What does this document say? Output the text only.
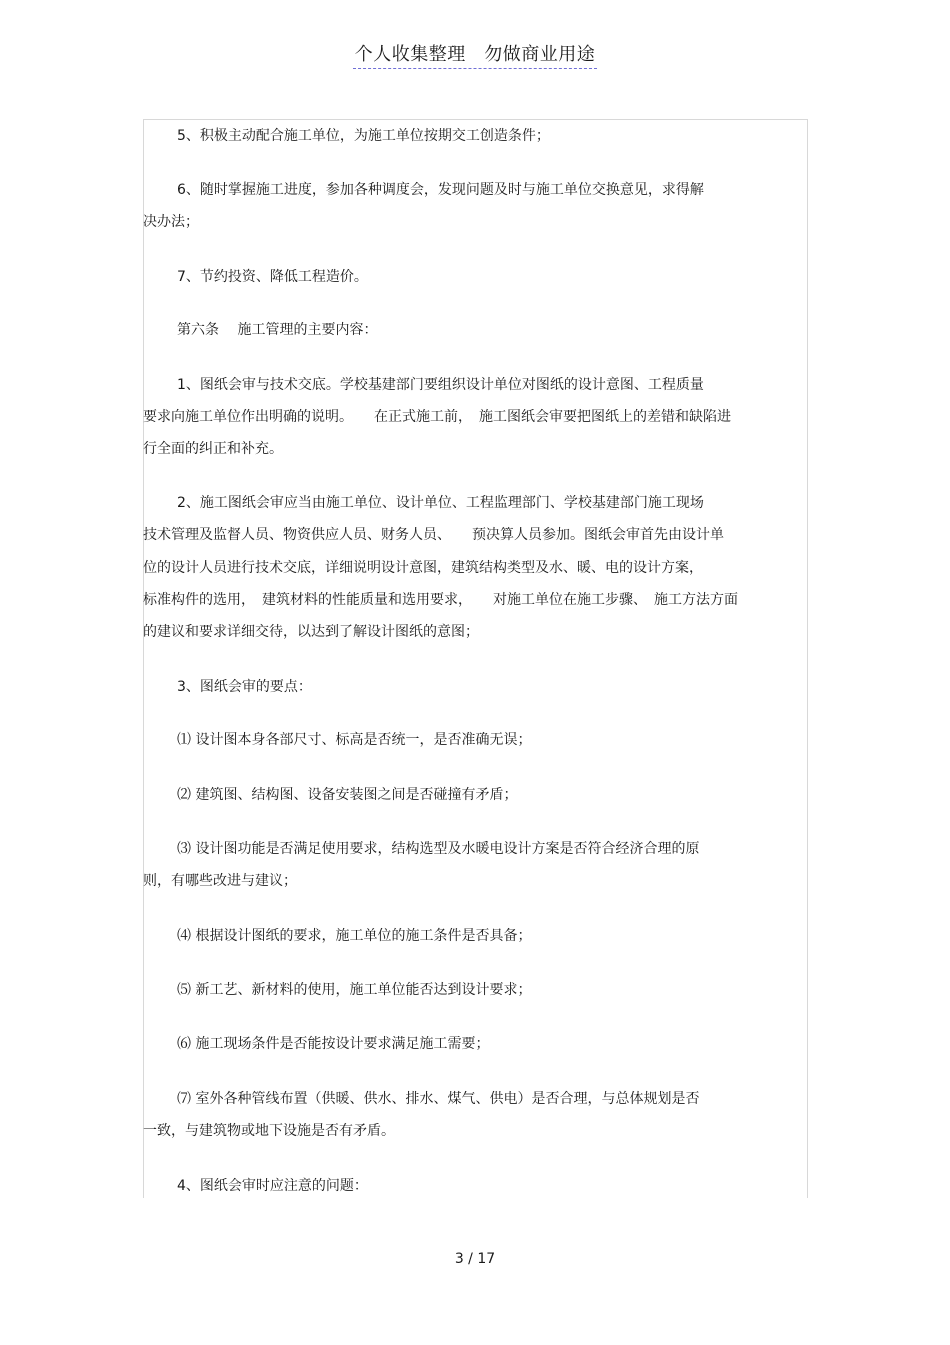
个人收集整理　勿做商业用途
5、积极主动配合施工单位，为施工单位按期交工创造条件；
6、随时掌握施工进度，参加各种调度会，发现问题及时与施工单位交换意见，求得解
决办法；
7、节约投资、降低工程造价。
第六条　 施工管理的主要内容：
1、图纸会审与技术交底。学校基建部门要组织设计单位对图纸的设计意图、工程质量
要求向施工单位作出明确的说明。　　在正式施工前，　施工图纸会审要把图纸上的差错和缺陷进
行全面的纠正和补充。
2、施工图纸会审应当由施工单位、设计单位、工程监理部门、学校基建部门施工现场
技术管理及监督人员、物资供应人员、财务人员、　　预决算人员参加。图纸会审首先由设计单
位的设计人员进行技术交底，详细说明设计意图，建筑结构类型及水、暖、电的设计方案，
标准构件的选用，　建筑材料的性能质量和选用要求，　　对施工单位在施工步骤、　施工方法方面
的建议和要求详细交待，以达到了解设计图纸的意图；
3、图纸会审的要点：
⑴ 设计图本身各部尺寸、标高是否统一，是否准确无误；
⑵ 建筑图、结构图、设备安装图之间是否碰撞有矛盾；
⑶ 设计图功能是否满足使用要求，结构选型及水暖电设计方案是否符合经济合理的原
则，有哪些改进与建议；
⑷ 根据设计图纸的要求，施工单位的施工条件是否具备；
⑸ 新工艺、新材料的使用，施工单位能否达到设计要求；
⑹ 施工现场条件是否能按设计要求满足施工需要；
⑺ 室外各种管线布置（供暖、供水、排水、煤气、供电）是否合理，与总体规划是否
一致，与建筑物或地下设施是否有矛盾。
4、图纸会审时应注意的问题：
3 / 17
